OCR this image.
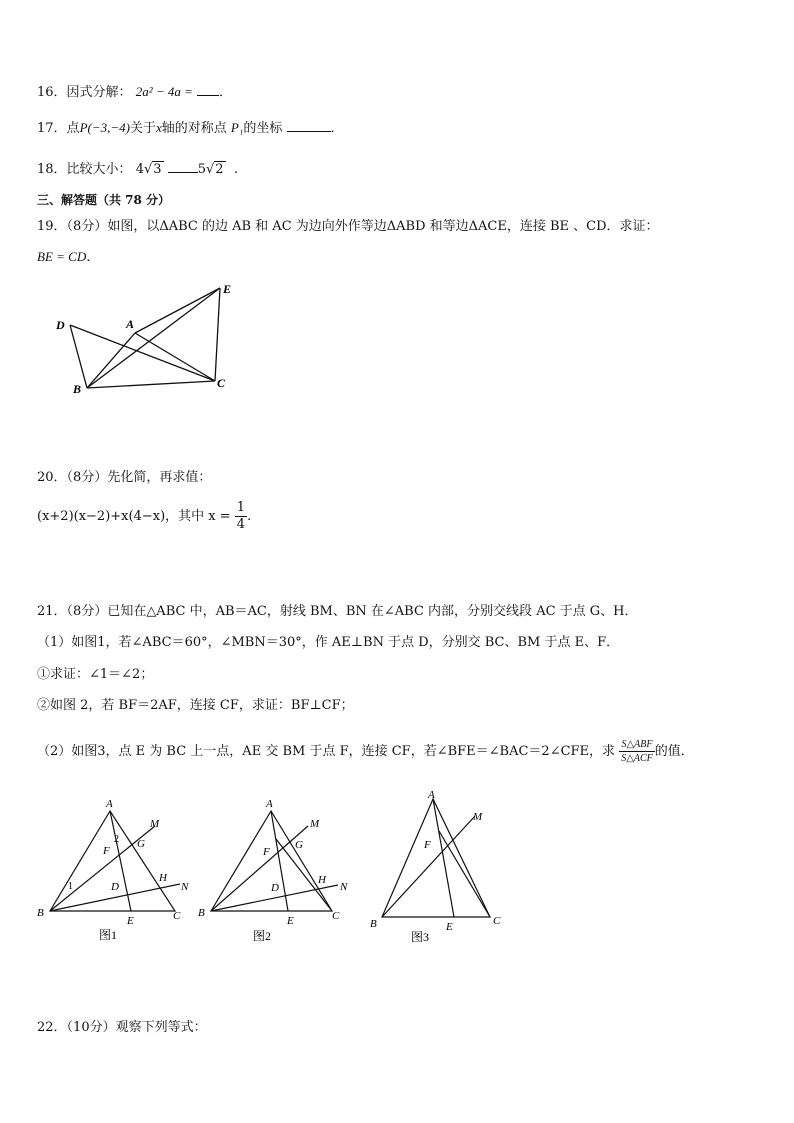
16．因式分解： 2a² − 4a = ．
17．点P(−3,−4)关于x轴的对称点 P₁的坐标	．
18．比较大小： 4√3	5√2 .
三、解答题（共 78 分）
19．（8分）如图，以ΔABC 的边 AB 和 AC 为边向外作等边ΔABD 和等边ΔACE，连接 BE 、CD．求证：
BE = CD．
D	A
E
B	C
20．（8分）先化简，再求值：
(x+2)(x−2)+x(4−x)，其中 $x = \frac{1}{4}$ .
21．（8分）已知在△ABC 中，AB＝AC，射线 BM、BN 在∠ABC 内部，分别交线段 AC 于点 G、H．
（1）如图1，若∠ABC＝60°，∠MBN＝30°，作 AE⊥BN 于点 D，分别交 BC、BM 于点 E、F．
①求证：∠1＝∠2；
②如图 2，若 BF＝2AF，连接 CF，求证：BF⊥CF；
（2）如图3，点 E 为 BC 上一点，AE 交 BM 于点 F，连接 CF，若∠BFE＝∠BAC＝2∠CFE，求 $\frac{\text{S△ABF}}{\text{S△ACF}}$ 的值．
A
B	C
D
E
F
G
H
M
N
1
2
图1
A
B	C
D
E
F
G
H
M
N
图2
A
B	C
E
F
M
图3
22．（10分）观察下列等式：
